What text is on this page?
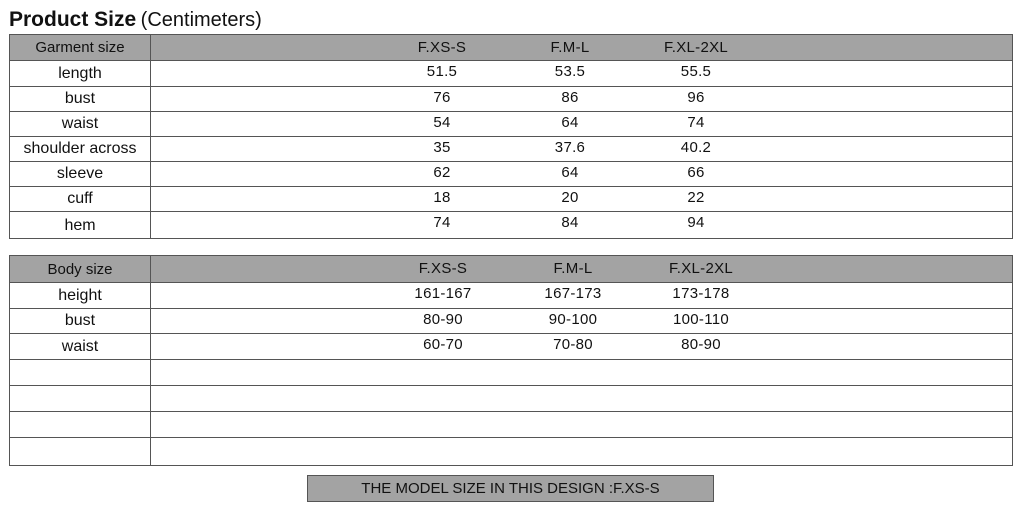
Product Size (Centimeters)
Garment size	F.XS-S	F.M-L	F.XL-2XL
length	51.5	53.5	55.5
bust	76	86	96
waist	54	64	74
shoulder across	35	37.6	40.2
sleeve	62	64	66
cuff	18	20	22
hem	74	84	94
Body size	F.XS-S	F.M-L	F.XL-2XL
height	161-167	167-173	173-178
bust	80-90	90-100	100-110
waist	60-70	70-80	80-90
THE MODEL SIZE IN THIS DESIGN :F.XS-S
